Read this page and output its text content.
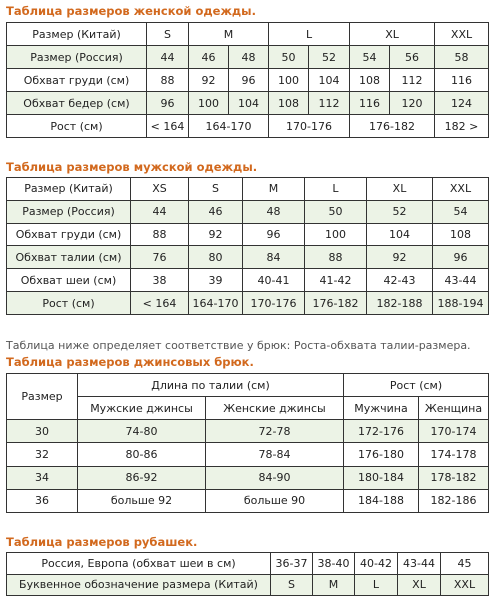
Таблица размеров женской одежды.
Размер (Китай)	S	M		L		XL		XXL
Размер (Россия)	44	46	48	50	52	54	56	58
Обхват груди (см)	88	92	96	100	104	108	112	116
Обхват бедер (см)	96	100	104	108	112	116	120	124
Рост (см)	< 164	164-170		170-176		176-182		182 >
Таблица размеров мужской одежды.
Размер (Китай)	XS	S	M	L	XL	XXL
Размер (Россия)	44	46	48	50	52	54
Обхват груди (см)	88	92	96	100	104	108
Обхват талии (см)	76	80	84	88	92	96
Обхват шеи (см)	38	39	40-41	41-42	42-43	43-44
Рост (см)	< 164	164-170	170-176	176-182	182-188	188-194
Таблица ниже определяет соответствие у брюк: Роста-обхвата талии-размера.
Таблица размеров джинсовых брюк.
Размер	Длина по талии (см)		Рост (см)	
	Мужские джинсы	Женские джинсы	Мужчина	Женщина
30	74-80	72-78	172-176	170-174
32	80-86	78-84	176-180	174-178
34	86-92	84-90	180-184	178-182
36	больше 92	больше 90	184-188	182-186
Таблица размеров рубашек.
Россия, Европа (обхват шеи в см)	36-37	38-40	40-42	43-44	45
Буквенное обозначение размера (Китай)	S	M	L	XL	XXL
